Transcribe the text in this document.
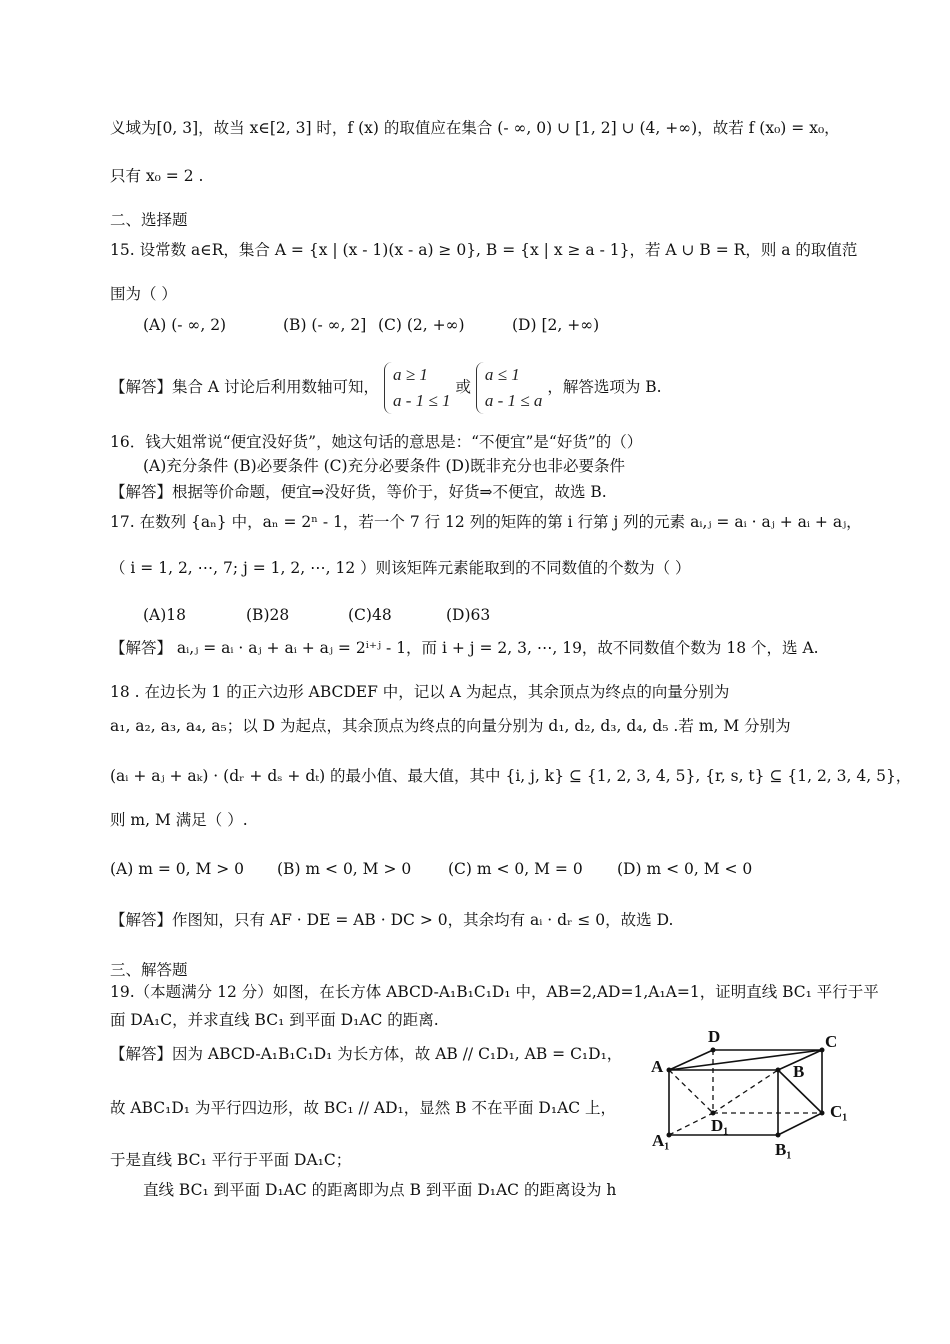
义域为[0, 3]，故当 x∈[2, 3] 时，f (x) 的取值应在集合 (- ∞, 0) ∪ [1, 2] ∪ (4, +∞)，故若 f (x₀) = x₀，
只有 x₀ = 2 .
二、选择题
15. 设常数 a∈R，集合 A = {x | (x - 1)(x - a) ≥ 0}, B = {x | x ≥ a - 1}，若 A ∪ B = R，则 a 的取值范
围为（ ）
(A) (- ∞, 2)	(B) (- ∞, 2] (C) (2, +∞)	(D) [2, +∞)
【解答】集合 A 讨论后利用数轴可知， a ≥ 1
a - 1 ≤ 1 或 a ≤ 1
a - 1 ≤ a ，解答选项为 B.
16．钱大姐常说“便宜没好货”，她这句话的意思是：“不便宜”是“好货”的（）
(A)充分条件 (B)必要条件 (C)充分必要条件 (D)既非充分也非必要条件
【解答】根据等价命题，便宜⇒没好货，等价于，好货⇒不便宜，故选 B.
17. 在数列 {aₙ} 中，aₙ = 2ⁿ - 1，若一个 7 行 12 列的矩阵的第 i 行第 j 列的元素 aᵢ,ⱼ = aᵢ · aⱼ + aᵢ + aⱼ，
（ i = 1, 2, ⋯, 7; j = 1, 2, ⋯, 12 ）则该矩阵元素能取到的不同数值的个数为（ ）
(A)18	(B)28	(C)48	(D)63
【解答】 aᵢ,ⱼ = aᵢ · aⱼ + aᵢ + aⱼ = 2ⁱ⁺ʲ - 1，而 i + j = 2, 3, ⋯, 19，故不同数值个数为 18 个，选 A.
18 . 在边长为 1 的正六边形 ABCDEF 中，记以 A 为起点，其余顶点为终点的向量分别为
a₁, a₂, a₃, a₄, a₅；以 D 为起点，其余顶点为终点的向量分别为 d₁, d₂, d₃, d₄, d₅ .若 m, M 分别为
(aᵢ + aⱼ + aₖ) · (dᵣ + dₛ + dₜ) 的最小值、最大值，其中 {i, j, k} ⊆ {1, 2, 3, 4, 5}, {r, s, t} ⊆ {1, 2, 3, 4, 5}，
则 m, M 满足（ ）.
(A) m = 0, M > 0 (B) m < 0, M > 0 (C) m < 0, M = 0 (D) m < 0, M < 0
【解答】作图知，只有 AF · DE = AB · DC > 0，其余均有 aᵢ · dᵣ ≤ 0，故选 D.
三、解答题
19.（本题满分 12 分）如图，在长方体 ABCD-A₁B₁C₁D₁ 中，AB=2,AD=1,A₁A=1，证明直线 BC₁ 平行于平
面 DA₁C，并求直线 BC₁ 到平面 D₁AC 的距离.
【解答】因为 ABCD-A₁B₁C₁D₁ 为长方体，故 AB // C₁D₁, AB = C₁D₁，
故 ABC₁D₁ 为平行四边形，故 BC₁ // AD₁，显然 B 不在平面 D₁AC 上，
于是直线 BC₁ 平行于平面 DA₁C；
直线 BC₁ 到平面 D₁AC 的距离即为点 B 到平面 D₁AC 的距离设为 h
D	C
A	B
C₁
D₁
A₁	B₁
